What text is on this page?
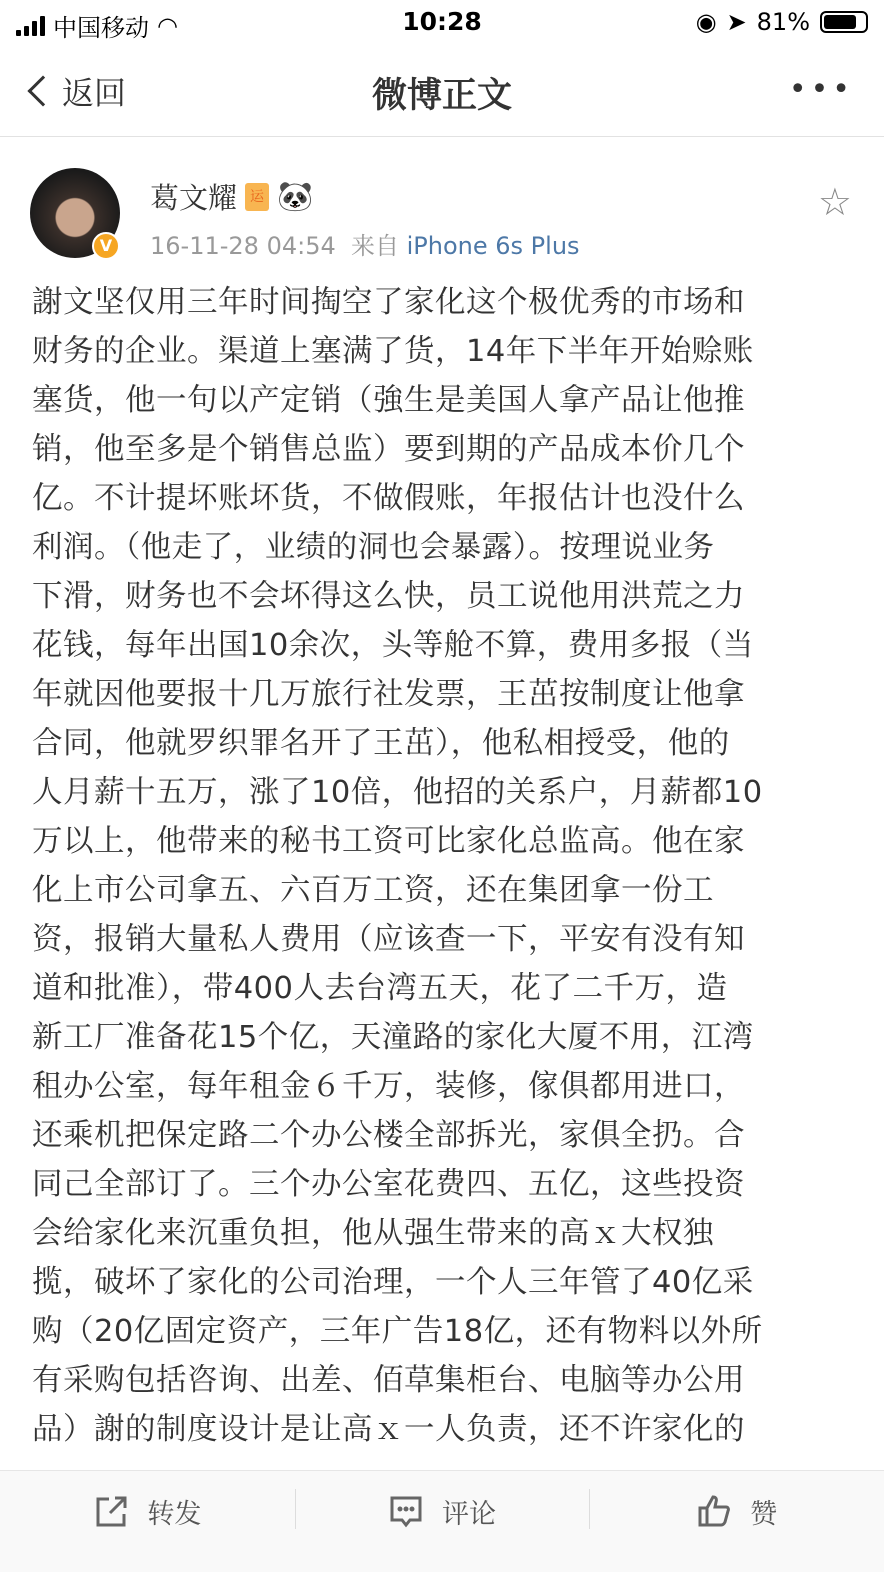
中国移动 ◠	10:28	◉ ➤ 81%
返回	微博正文	•••
V
葛文耀 运 🐼
16-11-28 04:54 来自 iPhone 6s Plus
☆
謝文坚仅用三年时间掏空了家化这个极优秀的市场和
财务的企业。渠道上塞满了货，14年下半年开始赊账
塞货，他一句以产定销（強生是美国人拿产品让他推
销，他至多是个销售总监）要到期的产品成本价几个
亿。不计提坏账坏货，不做假账，年报估计也没什么
利润。（他走了，业绩的洞也会暴露）。按理说业务
下滑，财务也不会坏得这么快，员工说他用洪荒之力
花钱，每年出国10余次，头等舱不算，费用多报（当
年就因他要报十几万旅行社发票，王茁按制度让他拿
合同，他就罗织罪名开了王茁），他私相授受，他的
人月薪十五万，涨了10倍，他招的关系户，月薪都10
万以上，他带来的秘书工资可比家化总监高。他在家
化上市公司拿五、六百万工资，还在集团拿一份工
资，报销大量私人费用（应该查一下，平安有没有知
道和批准），带400人去台湾五天，花了二千万，造
新工厂准备花15个亿，天潼路的家化大厦不用，江湾
租办公室，每年租金６千万，装修，傢俱都用进口，
还乘机把保定路二个办公楼全部拆光，家俱全扔。合
同己全部订了。三个办公室花费四、五亿，这些投资
会给家化来沉重负担，他从强生带来的高ｘ大权独
揽，破坏了家化的公司治理，一个人三年管了40亿采
购（20亿固定资产，三年广告18亿，还有物料以外所
有采购包括咨询、出差、佰草集柜台、电脑等办公用
品）謝的制度设计是让高ｘ一人负责，还不许家化的
转发	评论	赞
